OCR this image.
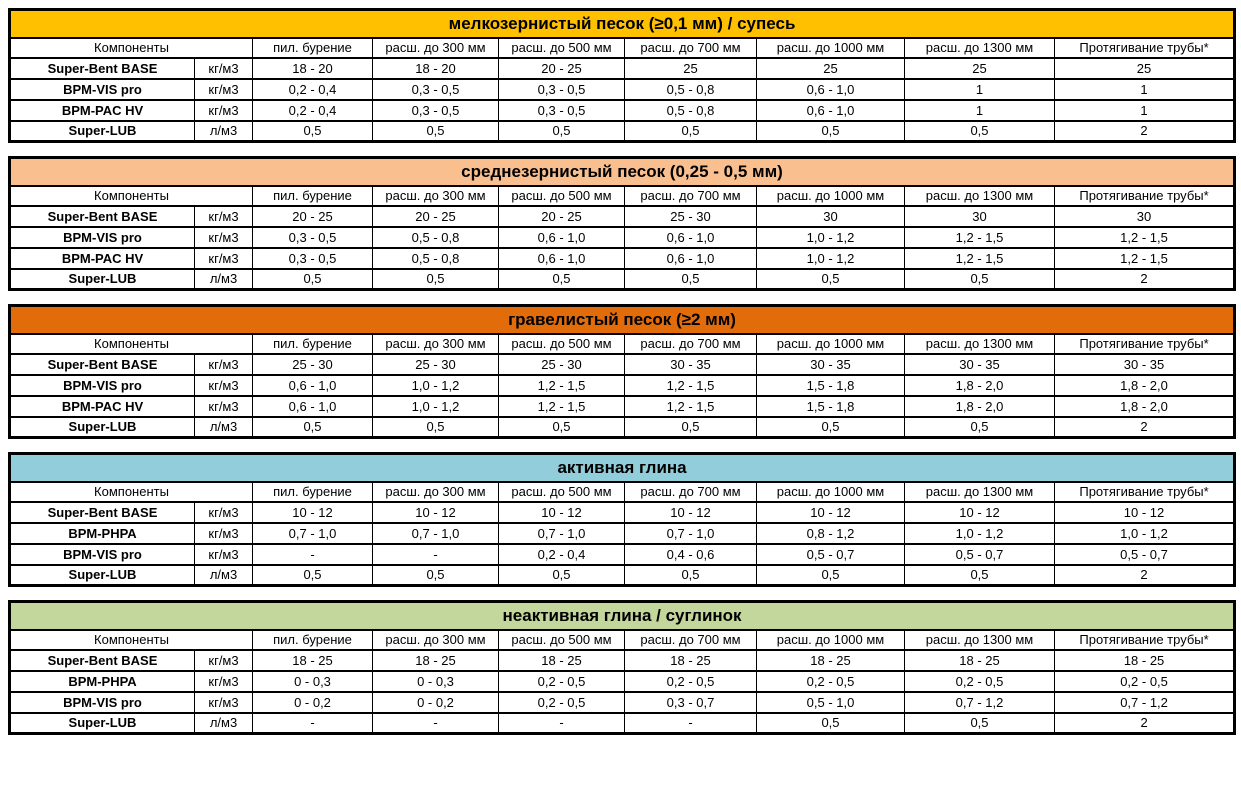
мелкозернистый песок (≥0,1 мм) / супесь								
Компоненты		пил. бурение	расш. до 300 мм	расш. до 500 мм	расш. до 700 мм	расш. до 1000 мм	расш. до 1300 мм	Протягивание трубы*
Super-Bent BASE	кг/м3	18 - 20	18 - 20	20 - 25	25	25	25	25
BPM-VIS pro	кг/м3	0,2 - 0,4	0,3 - 0,5	0,3 - 0,5	0,5 - 0,8	0,6 - 1,0	1	1
BPM-PAC HV	кг/м3	0,2 - 0,4	0,3 - 0,5	0,3 - 0,5	0,5 - 0,8	0,6 - 1,0	1	1
Super-LUB	л/м3	0,5	0,5	0,5	0,5	0,5	0,5	2
среднезернистый песок (0,25 - 0,5 мм)								
Компоненты		пил. бурение	расш. до 300 мм	расш. до 500 мм	расш. до 700 мм	расш. до 1000 мм	расш. до 1300 мм	Протягивание трубы*
Super-Bent BASE	кг/м3	20 - 25	20 - 25	20 - 25	25 - 30	30	30	30
BPM-VIS pro	кг/м3	0,3 - 0,5	0,5 - 0,8	0,6 - 1,0	0,6 - 1,0	1,0 - 1,2	1,2 - 1,5	1,2 - 1,5
BPM-PAC HV	кг/м3	0,3 - 0,5	0,5 - 0,8	0,6 - 1,0	0,6 - 1,0	1,0 - 1,2	1,2 - 1,5	1,2 - 1,5
Super-LUB	л/м3	0,5	0,5	0,5	0,5	0,5	0,5	2
гравелистый песок (≥2 мм)								
Компоненты		пил. бурение	расш. до 300 мм	расш. до 500 мм	расш. до 700 мм	расш. до 1000 мм	расш. до 1300 мм	Протягивание трубы*
Super-Bent BASE	кг/м3	25 - 30	25 - 30	25 - 30	30 - 35	30 - 35	30 - 35	30 - 35
BPM-VIS pro	кг/м3	0,6 - 1,0	1,0 - 1,2	1,2 - 1,5	1,2 - 1,5	1,5 - 1,8	1,8 - 2,0	1,8 - 2,0
BPM-PAC HV	кг/м3	0,6 - 1,0	1,0 - 1,2	1,2 - 1,5	1,2 - 1,5	1,5 - 1,8	1,8 - 2,0	1,8 - 2,0
Super-LUB	л/м3	0,5	0,5	0,5	0,5	0,5	0,5	2
активная глина								
Компоненты		пил. бурение	расш. до 300 мм	расш. до 500 мм	расш. до 700 мм	расш. до 1000 мм	расш. до 1300 мм	Протягивание трубы*
Super-Bent BASE	кг/м3	10 - 12	10 - 12	10 - 12	10 - 12	10 - 12	10 - 12	10 - 12
BPM-PHPA	кг/м3	0,7 - 1,0	0,7 - 1,0	0,7 - 1,0	0,7 - 1,0	0,8 - 1,2	1,0 - 1,2	1,0 - 1,2
BPM-VIS pro	кг/м3	-	-	0,2 - 0,4	0,4 - 0,6	0,5 - 0,7	0,5 - 0,7	0,5 - 0,7
Super-LUB	л/м3	0,5	0,5	0,5	0,5	0,5	0,5	2
неактивная глина / суглинок								
Компоненты		пил. бурение	расш. до 300 мм	расш. до 500 мм	расш. до 700 мм	расш. до 1000 мм	расш. до 1300 мм	Протягивание трубы*
Super-Bent BASE	кг/м3	18 - 25	18 - 25	18 - 25	18 - 25	18 - 25	18 - 25	18 - 25
BPM-PHPA	кг/м3	0 - 0,3	0 - 0,3	0,2 - 0,5	0,2 - 0,5	0,2 - 0,5	0,2 - 0,5	0,2 - 0,5
BPM-VIS pro	кг/м3	0 - 0,2	0 - 0,2	0,2 - 0,5	0,3 - 0,7	0,5 - 1,0	0,7 - 1,2	0,7 - 1,2
Super-LUB	л/м3	-	-	-	-	0,5	0,5	2
